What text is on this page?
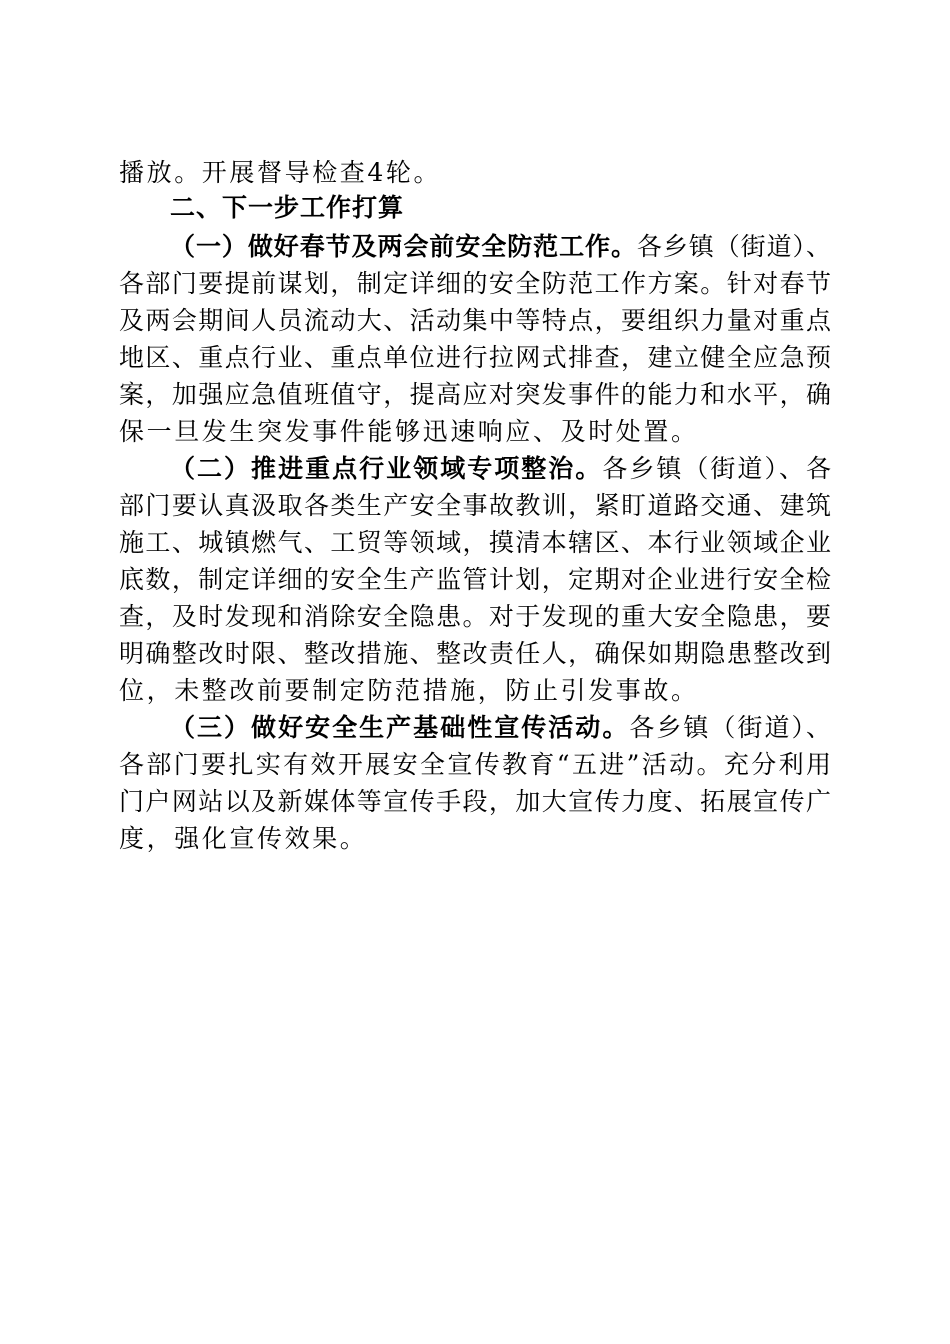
播放。开展督导检查4轮。
二、下一步工作打算
（一）做好春节及两会前安全防范工作。各乡镇（街道）、
各部门要提前谋划，制定详细的安全防范工作方案。针对春节
及两会期间人员流动大、活动集中等特点，要组织力量对重点
地区、重点行业、重点单位进行拉网式排查，建立健全应急预
案，加强应急值班值守，提高应对突发事件的能力和水平，确
保一旦发生突发事件能够迅速响应、及时处置。
（二）推进重点行业领域专项整治。各乡镇（街道）、各
部门要认真汲取各类生产安全事故教训，紧盯道路交通、建筑
施工、城镇燃气、工贸等领域，摸清本辖区、本行业领域企业
底数，制定详细的安全生产监管计划，定期对企业进行安全检
查，及时发现和消除安全隐患。对于发现的重大安全隐患，要
明确整改时限、整改措施、整改责任人，确保如期隐患整改到
位，未整改前要制定防范措施，防止引发事故。
（三）做好安全生产基础性宣传活动。各乡镇（街道）、
各部门要扎实有效开展安全宣传教育“五进”活动。充分利用
门户网站以及新媒体等宣传手段，加大宣传力度、拓展宣传广
度，强化宣传效果。
